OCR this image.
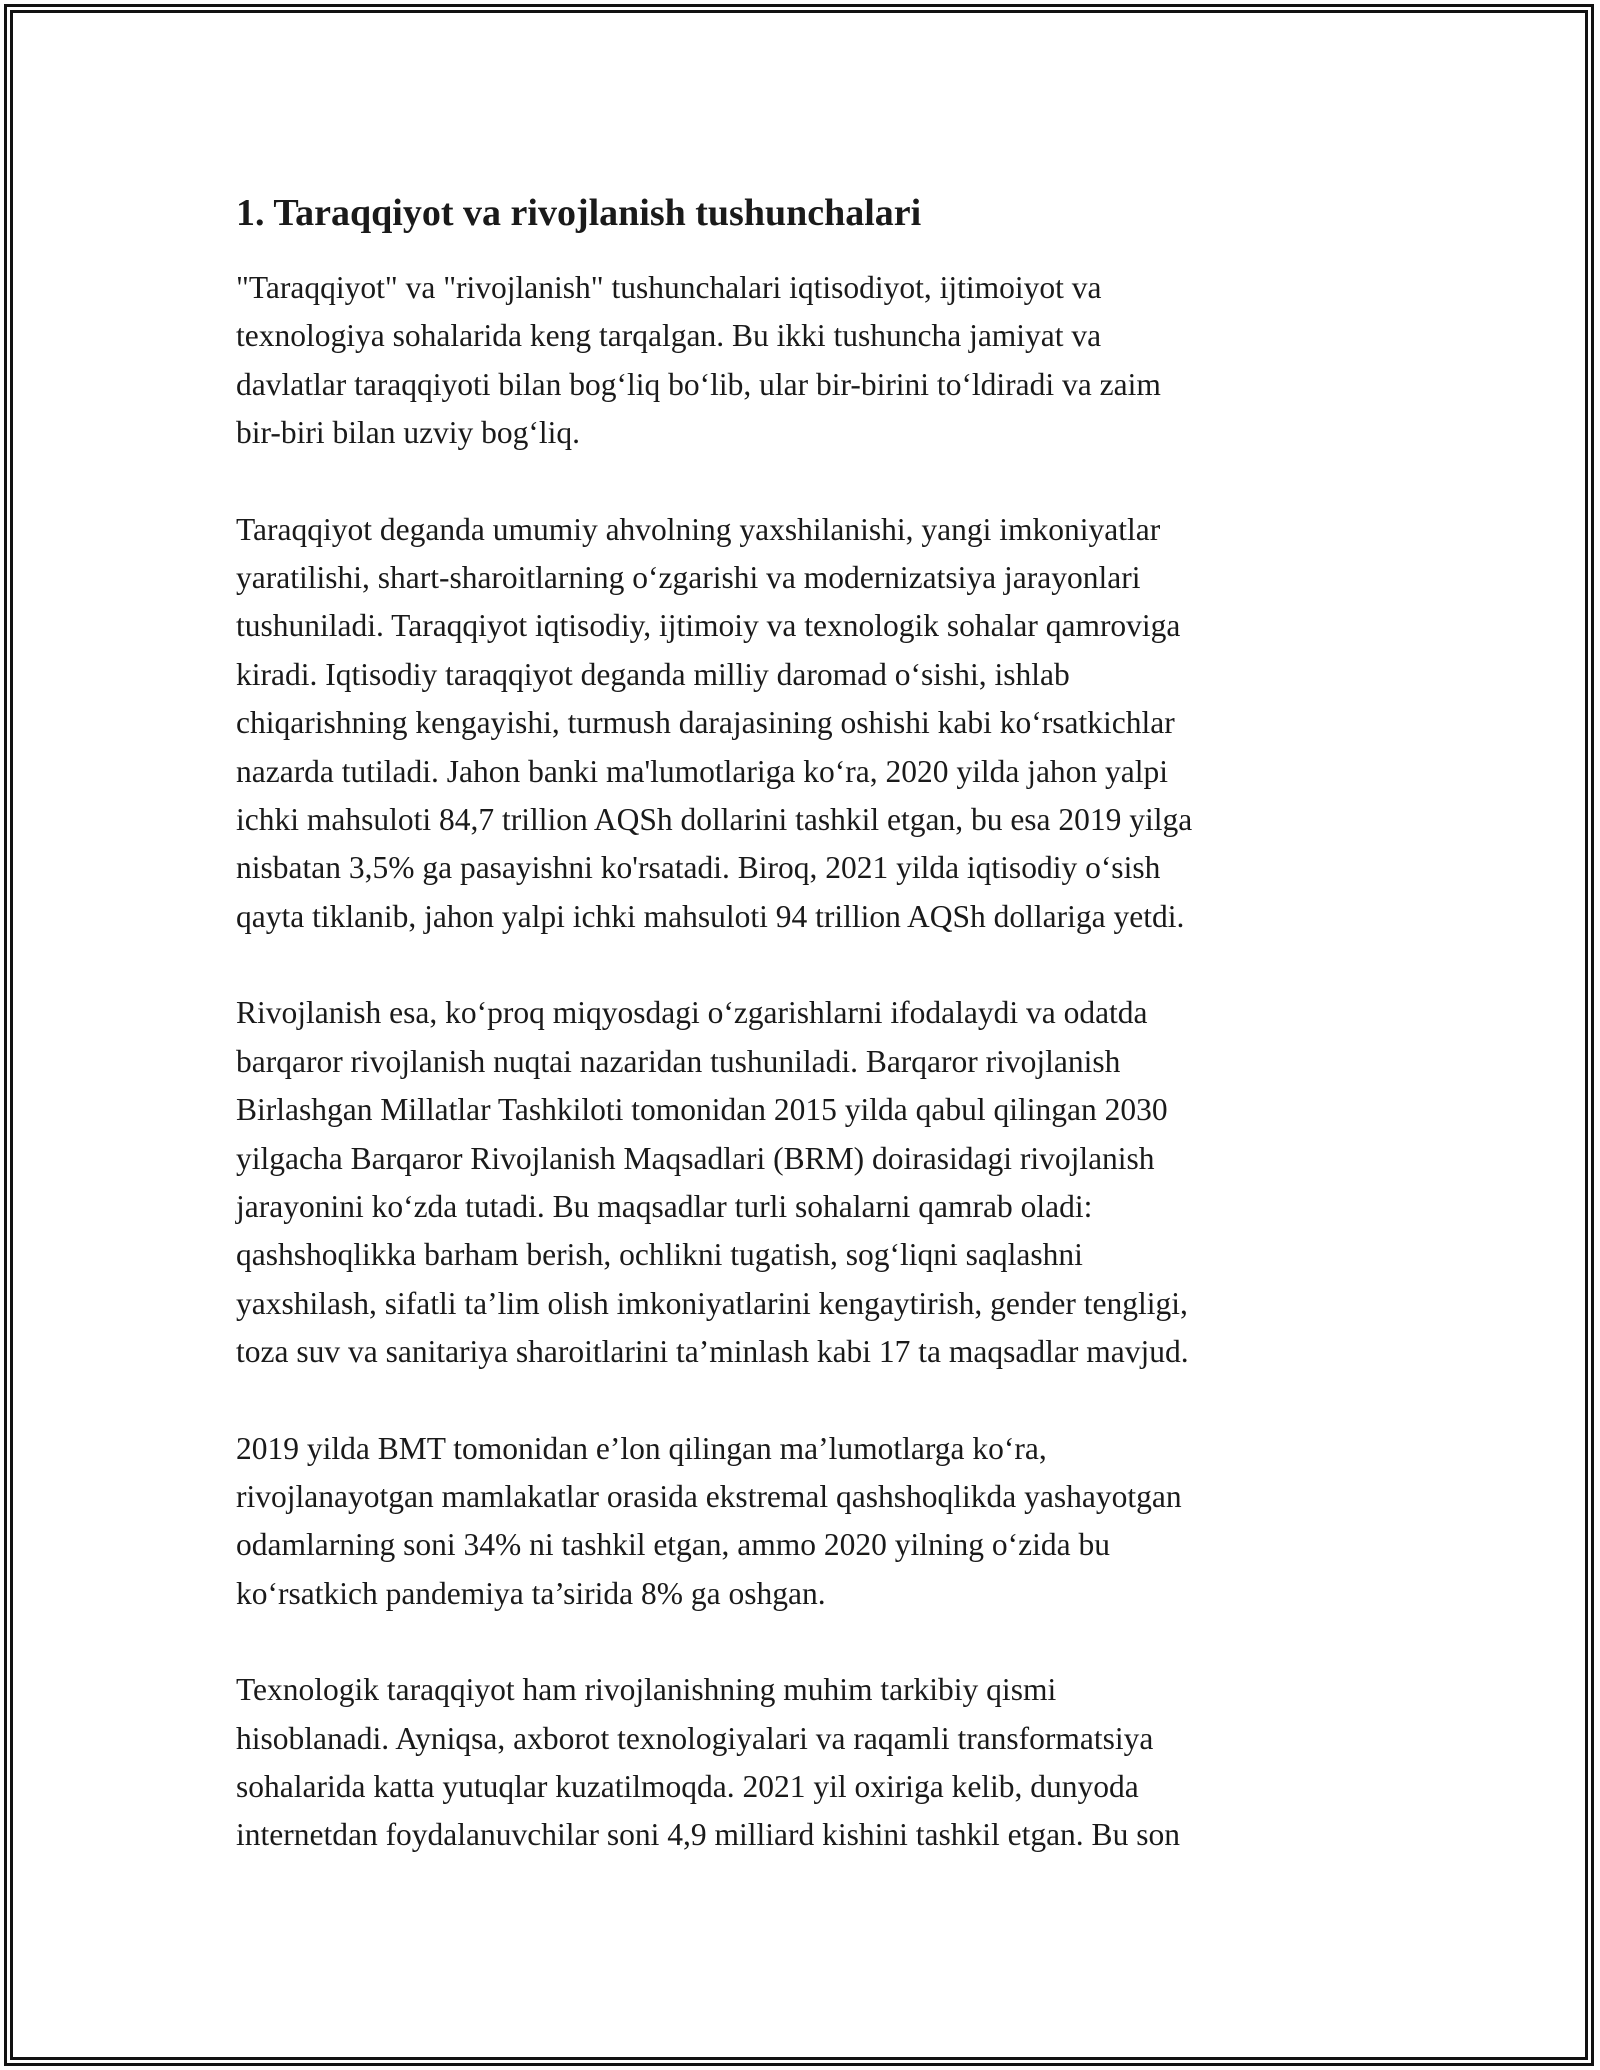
1. Taraqqiyot va rivojlanish tushunchalari

"Taraqqiyot" va "rivojlanish" tushunchalari iqtisodiyot, ijtimoiyot va
texnologiya sohalarida keng tarqalgan. Bu ikki tushuncha jamiyat va
davlatlar taraqqiyoti bilan bog‘liq bo‘lib, ular bir-birini to‘ldiradi va zaim
bir-biri bilan uzviy bog‘liq.

Taraqqiyot deganda umumiy ahvolning yaxshilanishi, yangi imkoniyatlar
yaratilishi, shart-sharoitlarning o‘zgarishi va modernizatsiya jarayonlari
tushuniladi. Taraqqiyot iqtisodiy, ijtimoiy va texnologik sohalar qamroviga
kiradi. Iqtisodiy taraqqiyot deganda milliy daromad o‘sishi, ishlab
chiqarishning kengayishi, turmush darajasining oshishi kabi ko‘rsatkichlar
nazarda tutiladi. Jahon banki ma'lumotlariga ko‘ra, 2020 yilda jahon yalpi
ichki mahsuloti 84,7 trillion AQSh dollarini tashkil etgan, bu esa 2019 yilga
nisbatan 3,5% ga pasayishni ko'rsatadi. Biroq, 2021 yilda iqtisodiy o‘sish
qayta tiklanib, jahon yalpi ichki mahsuloti 94 trillion AQSh dollariga yetdi.

Rivojlanish esa, ko‘proq miqyosdagi o‘zgarishlarni ifodalaydi va odatda
barqaror rivojlanish nuqtai nazaridan tushuniladi. Barqaror rivojlanish
Birlashgan Millatlar Tashkiloti tomonidan 2015 yilda qabul qilingan 2030
yilgacha Barqaror Rivojlanish Maqsadlari (BRM) doirasidagi rivojlanish
jarayonini ko‘zda tutadi. Bu maqsadlar turli sohalarni qamrab oladi:
qashshoqlikka barham berish, ochlikni tugatish, sog‘liqni saqlashni
yaxshilash, sifatli ta’lim olish imkoniyatlarini kengaytirish, gender tengligi,
toza suv va sanitariya sharoitlarini ta’minlash kabi 17 ta maqsadlar mavjud.

2019 yilda BMT tomonidan e’lon qilingan ma’lumotlarga ko‘ra,
rivojlanayotgan mamlakatlar orasida ekstremal qashshoqlikda yashayotgan
odamlarning soni 34% ni tashkil etgan, ammo 2020 yilning o‘zida bu
ko‘rsatkich pandemiya ta’sirida 8% ga oshgan.

Texnologik taraqqiyot ham rivojlanishning muhim tarkibiy qismi
hisoblanadi. Ayniqsa, axborot texnologiyalari va raqamli transformatsiya
sohalarida katta yutuqlar kuzatilmoqda. 2021 yil oxiriga kelib, dunyoda
internetdan foydalanuvchilar soni 4,9 milliard kishini tashkil etgan. Bu son
